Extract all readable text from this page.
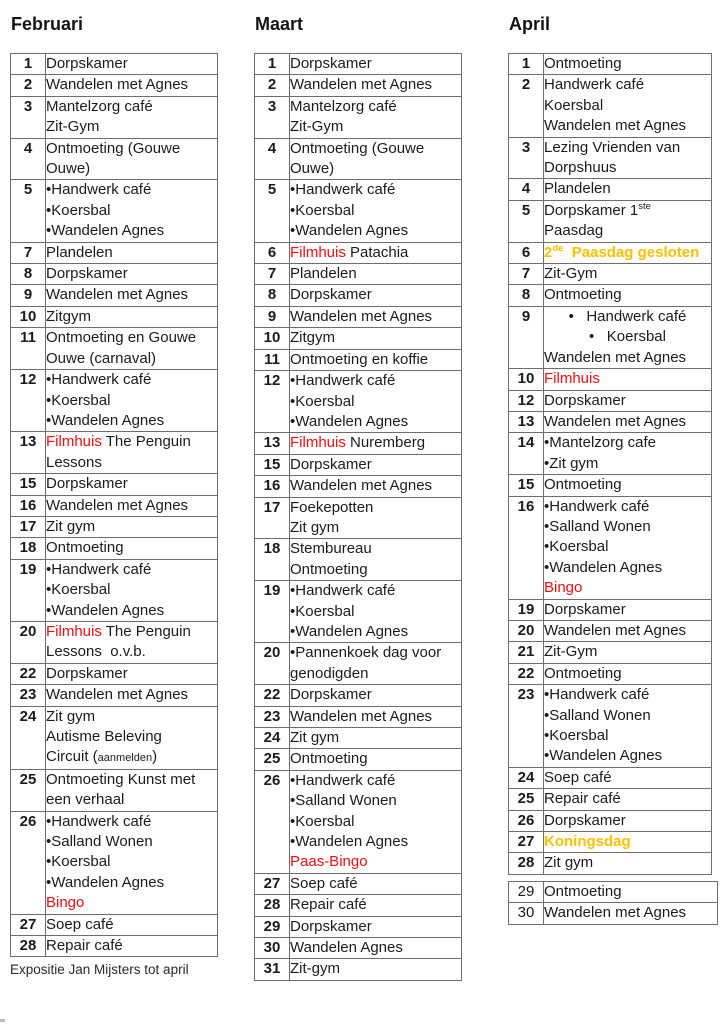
Februari
1	Dorpskamer

2	Wandelen met Agnes

3	Mantelzorg café
Zit-Gym

4	Ontmoeting (Gouwe
Ouwe)

5	•Handwerk café
•Koersbal
•Wandelen Agnes

7	Plandelen

8	Dorpskamer

9	Wandelen met Agnes

10	Zitgym

11	Ontmoeting en Gouwe
Ouwe (carnaval)

12	•Handwerk café
•Koersbal
•Wandelen Agnes

13	Filmhuis The Penguin
Lessons

15	Dorpskamer

16	Wandelen met Agnes

17	Zit gym

18	Ontmoeting

19	•Handwerk café
•Koersbal
•Wandelen Agnes

20	Filmhuis The Penguin
Lessons  o.v.b.

22	Dorpskamer

23	Wandelen met Agnes

24	Zit gym
Autisme Beleving
Circuit (aanmelden)

25	Ontmoeting Kunst met
een verhaal

26	•Handwerk café
•Salland Wonen
•Koersbal
•Wandelen Agnes
Bingo

27	Soep café

28	Repair café
Expositie Jan Mijsters tot april
Maart
1	Dorpskamer

2	Wandelen met Agnes

3	Mantelzorg café
Zit-Gym

4	Ontmoeting (Gouwe
Ouwe)

5	•Handwerk café
•Koersbal
•Wandelen Agnes

6	Filmhuis Patachia

7	Plandelen

8	Dorpskamer

9	Wandelen met Agnes

10	Zitgym

11	Ontmoeting en koffie

12	•Handwerk café
•Koersbal
•Wandelen Agnes

13	Filmhuis Nuremberg

15	Dorpskamer

16	Wandelen met Agnes

17	Foekepotten
Zit gym

18	Stembureau
Ontmoeting

19	•Handwerk café
•Koersbal
•Wandelen Agnes

20	•Pannenkoek dag voor
genodigden

22	Dorpskamer

23	Wandelen met Agnes

24	Zit gym

25	Ontmoeting

26	•Handwerk café
•Salland Wonen
•Koersbal
•Wandelen Agnes
Paas-Bingo

27	Soep café

28	Repair café

29	Dorpskamer

30	Wandelen Agnes

31	Zit-gym
April
1	Ontmoeting

2	Handwerk café
Koersbal
Wandelen met Agnes

3	Lezing Vrienden van
Dorpshuus

4	Plandelen

5	Dorpskamer 1ste
Paasdag

6	2de  Paasdag gesloten

7	Zit-Gym

8	Ontmoeting

9	•   Handwerk café
•   Koersbal
Wandelen met Agnes

10	Filmhuis

12	Dorpskamer

13	Wandelen met Agnes

14	•Mantelzorg cafe
•Zit gym

15	Ontmoeting

16	•Handwerk café
•Salland Wonen
•Koersbal
•Wandelen Agnes
Bingo

19	Dorpskamer

20	Wandelen met Agnes

21	Zit-Gym

22	Ontmoeting

23	•Handwerk café
•Salland Wonen
•Koersbal
•Wandelen Agnes

24	Soep café

25	Repair café

26	Dorpskamer

27	Koningsdag

28	Zit gym
29	Ontmoeting

30	Wandelen met Agnes
